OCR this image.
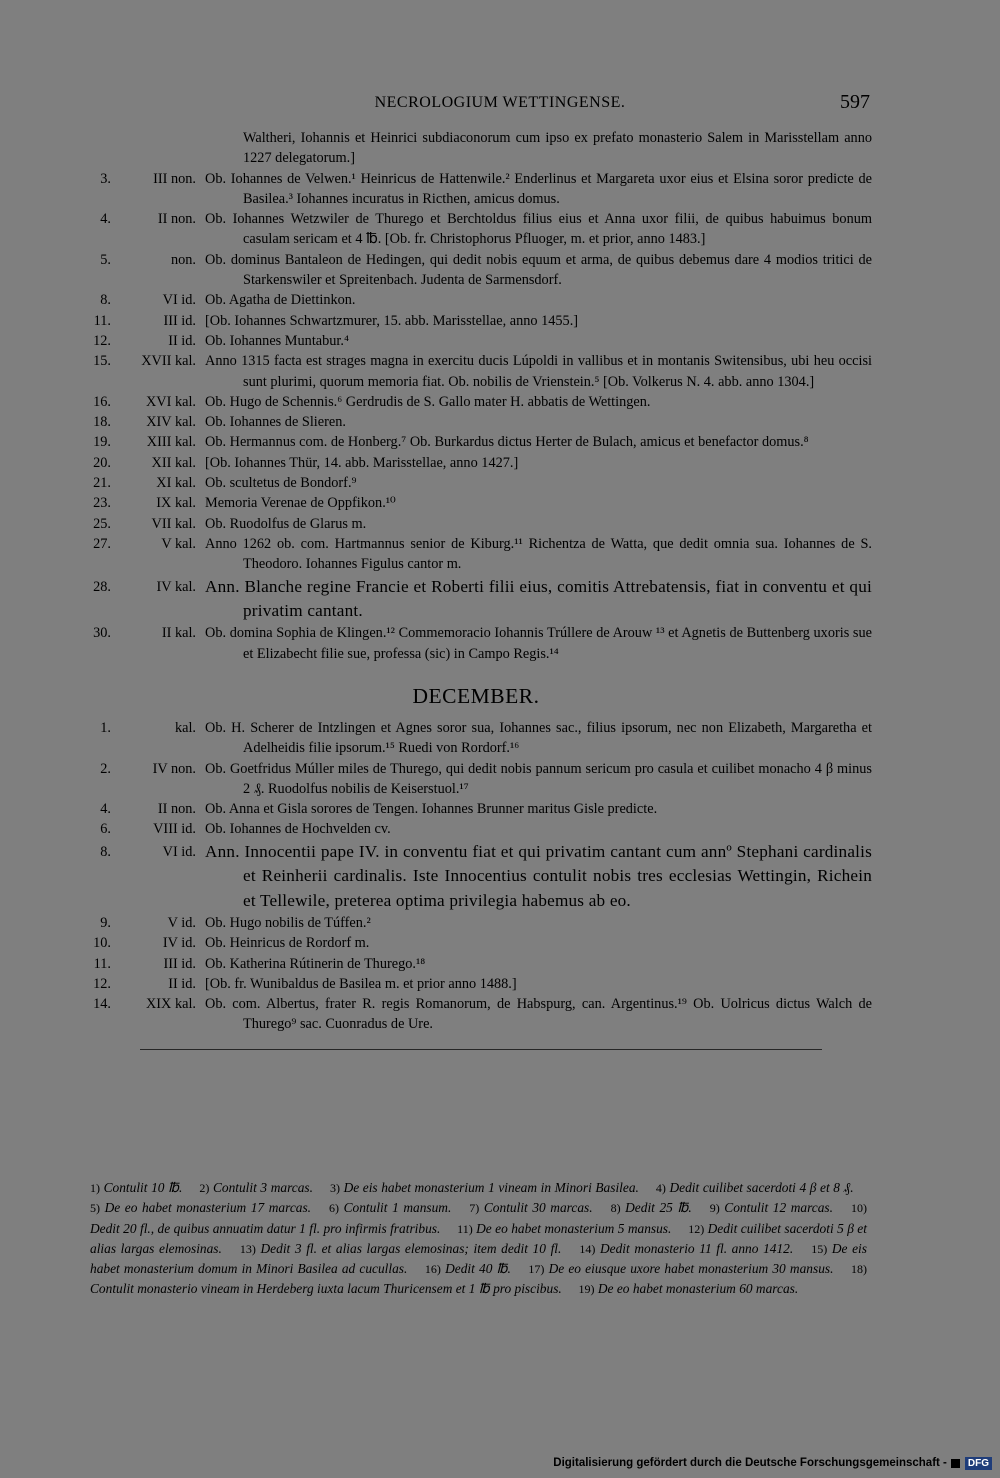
NECROLOGIUM WETTINGENSE.	597
Waltheri, Iohannis et Heinrici subdiaconorum cum ipso ex prefato monasterio Salem in Marisstellam anno 1227 delegatorum.]
3.	III non. Ob. Iohannes de Velwen.¹ Heinricus de Hattenwile.² Enderlinus et Margareta uxor eius et Elsina soror predicte de Basilea.³ Iohannes incuratus in Ricthen, amicus domus.
4.	II non. Ob. Iohannes Wetzwiler de Thurego et Berchtoldus filius eius et Anna uxor filii, de quibus habuimus bonum casulam sericam et 4 ℔. [Ob. fr. Christophorus Pfluoger, m. et prior, anno 1483.]
5.	non. Ob. dominus Bantaleon de Hedingen, qui dedit nobis equum et arma, de quibus debemus dare 4 modios tritici de Starkenswiler et Spreitenbach. Judenta de Sarmensdorf.
8.	VI id. Ob. Agatha de Diettinkon.
11.	III id. [Ob. Iohannes Schwartzmurer, 15. abb. Marisstellae, anno 1455.]
12.	II id. Ob. Iohannes Muntabur.⁴
15.	XVII kal. Anno 1315 facta est strages magna in exercitu ducis Lúpoldi in vallibus et in montanis Switensibus, ubi heu occisi sunt plurimi, quorum memoria fiat. Ob. nobilis de Vrienstein.⁵ [Ob. Volkerus N. 4. abb. anno 1304.]
16.	XVI kal. Ob. Hugo de Schennis.⁶ Gerdrudis de S. Gallo mater H. abbatis de Wettingen.
18.	XIV kal. Ob. Iohannes de Slieren.
19.	XIII kal. Ob. Hermannus com. de Honberg.⁷ Ob. Burkardus dictus Herter de Bulach, amicus et benefactor domus.⁸
20.	XII kal. [Ob. Iohannes Thür, 14. abb. Marisstellae, anno 1427.]
21.	XI kal. Ob. scultetus de Bondorf.⁹
23.	IX kal. Memoria Verenae de Oppfikon.¹⁰
25.	VII kal. Ob. Ruodolfus de Glarus m.
27.	V kal. Anno 1262 ob. com. Hartmannus senior de Kiburg.¹¹ Richentza de Watta, que dedit omnia sua. Iohannes de S. Theodoro. Iohannes Figulus cantor m.
28.	IV kal. Ann. Blanche regine Francie et Roberti filii eius, comitis Attrebatensis, fiat in conventu et qui privatim cantant.
30.	II kal. Ob. domina Sophia de Klingen.¹² Commemoracio Iohannis Trúllere de Arouw ¹³ et Agnetis de Buttenberg uxoris sue et Elizabecht filie sue, professa (sic) in Campo Regis.¹⁴
DECEMBER.
1.	kal. Ob. H. Scherer de Intzlingen et Agnes soror sua, Iohannes sac., filius ipsorum, nec non Elizabeth, Margaretha et Adelheidis filie ipsorum.¹⁵ Ruedi von Rordorf.¹⁶
2.	IV non. Ob. Goetfridus Múller miles de Thurego, qui dedit nobis pannum sericum pro casula et cuilibet monacho 4 β minus 2 ₰. Ruodolfus nobilis de Keiserstuol.¹⁷
4.	II non. Ob. Anna et Gisla sorores de Tengen. Iohannes Brunner maritus Gisle predicte.
6.	VIII id. Ob. Iohannes de Hochvelden cv.
8.	VI id. Ann. Innocentii pape IV. in conventu fiat et qui privatim cantant cum annº Stephani cardinalis et Reinherii cardinalis. Iste Innocentius contulit nobis tres ecclesias Wettingin, Richein et Tellewile, preterea optima privilegia habemus ab eo.
9.	V id. Ob. Hugo nobilis de Túffen.²
10.	IV id. Ob. Heinricus de Rordorf m.
11.	III id. Ob. Katherina Rútinerin de Thurego.¹⁸
12.	II id. [Ob. fr. Wunibaldus de Basilea m. et prior anno 1488.]
14.	XIX kal. Ob. com. Albertus, frater R. regis Romanorum, de Habspurg, can. Argentinus.¹⁹ Ob. Uolricus dictus Walch de Thurego⁹ sac. Cuonradus de Ure.
1) Contulit 10 ℔.  2) Contulit 3 marcas.  3) De eis habet monasterium 1 vineam in Minori Basilea.  4) Dedit cuilibet sacerdoti 4 β et 8 ₰.  5) De eo habet monasterium 17 marcas.  6) Contulit 1 mansum.  7) Contulit 30 marcas.  8) Dedit 25 ℔.  9) Contulit 12 marcas.  10) Dedit 20 fl., de quibus annuatim datur 1 fl. pro infirmis fratribus.  11) De eo habet monasterium 5 mansus.  12) Dedit cuilibet sacerdoti 5 β et alias largas elemosinas.  13) Dedit 3 fl. et alias largas elemosinas; item dedit 10 fl.  14) Dedit monasterio 11 fl. anno 1412.  15) De eis habet monasterium domum in Minori Basilea ad cucullas.  16) Dedit 40 ℔.  17) De eo eiusque uxore habet monasterium 30 mansus.  18) Contulit monasterio vineam in Herdeberg iuxta lacum Thuricensem et 1 ℔ pro piscibus.  19) De eo habet monasterium 60 marcas. 
Digitalisierung gefördert durch die Deutsche Forschungsgemeinschaft -	DFG
